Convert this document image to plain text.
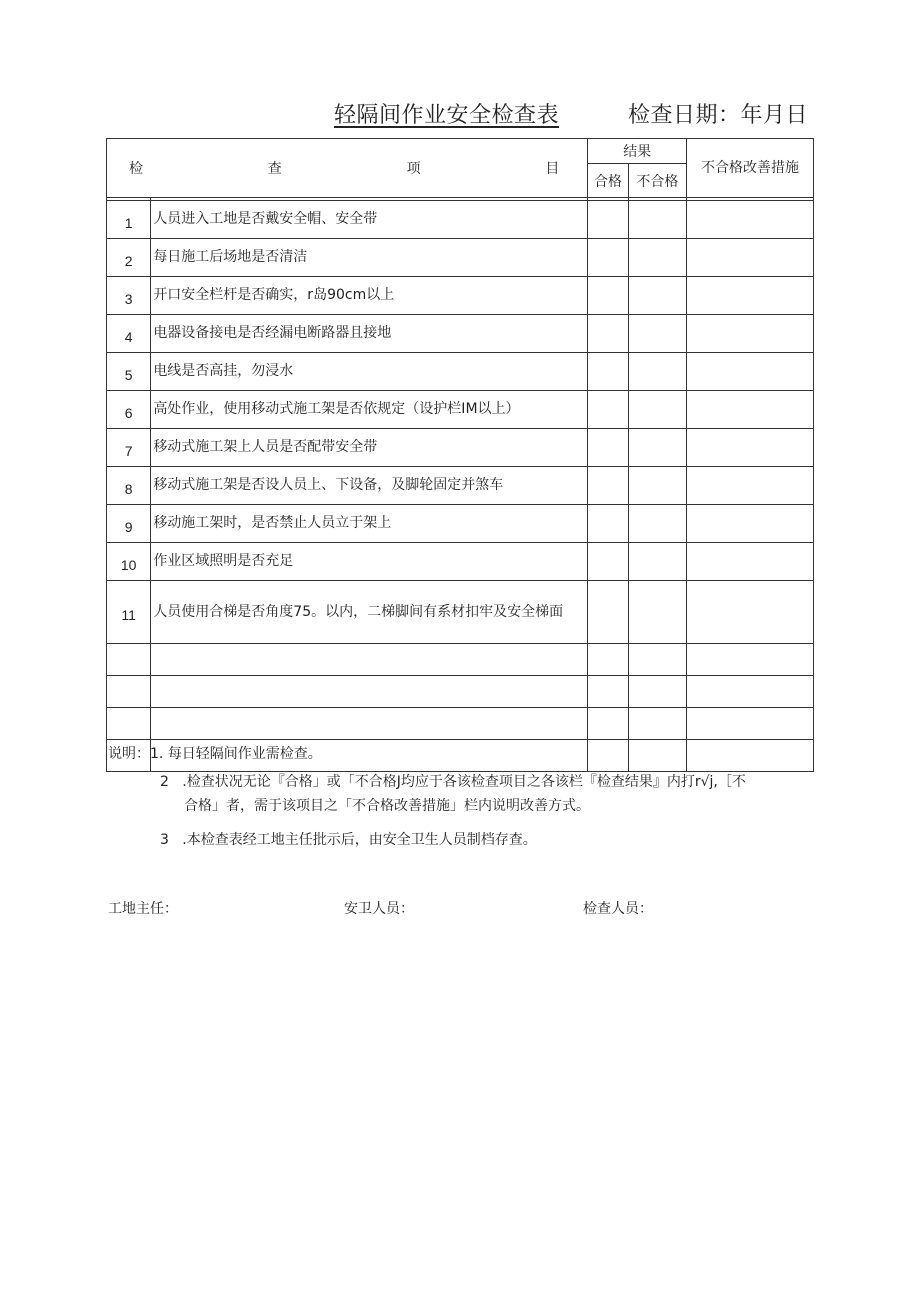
轻隔间作业安全检查表	检查日期：年月日
检 查 项 目		结果		不合格改善措施
		合格	不合格	

1	人员进入工地是否戴安全帽、安全带			
2	每日施工后场地是否清洁			
3	开口安全栏杆是否确实，r岛90cm以上			
4	电器设备接电是否经漏电断路器且接地			
5	电线是否高挂，勿浸水			
6	高处作业，使用移动式施工架是否依规定（设护栏IM以上）			
7	移动式施工架上人员是否配带安全带			
8	移动式施工架是否设人员上、下设备，及脚轮固定并煞车			
9	移动施工架时，是否禁止人员立于架上			
10	作业区域照明是否充足			
11	人员使用合梯是否角度75。以内，二梯脚间有系材扣牢及安全梯面			

说明：1. 每日轻隔间作业需检查。
2 .检查状况无论『合格」或「不合格J均应于各该检查项目之各该栏『检查结果』内打r√j,［不
合格」者，需于该项目之「不合格改善措施」栏内说明改善方式。
3 .本检查表经工地主任批示后，由安全卫生人员制档存查。
工地主任：	安卫人员：	检查人员：
